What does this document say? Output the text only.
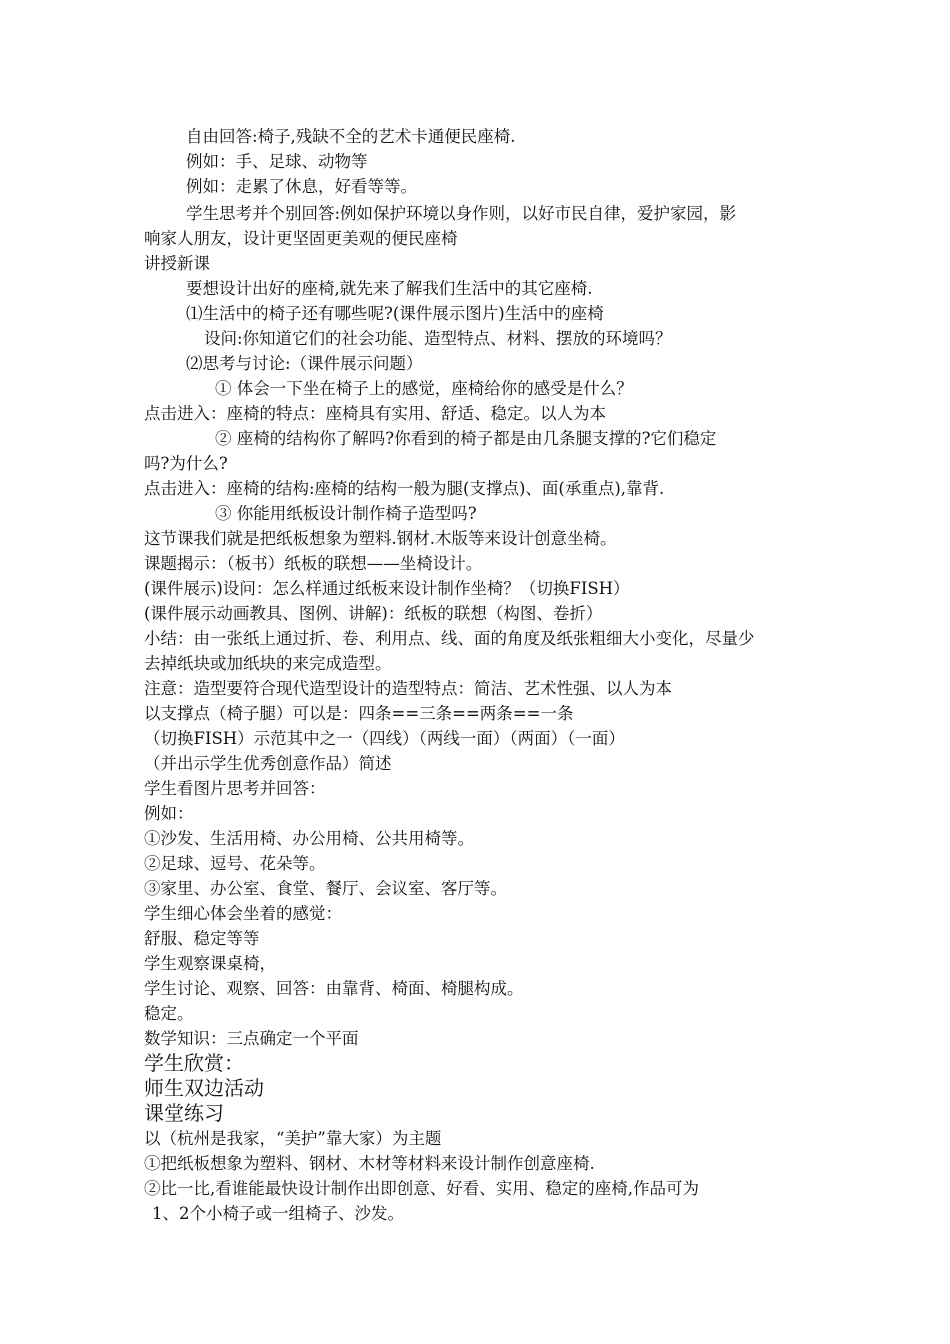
自由回答:椅子,残缺不全的艺术卡通便民座椅.
例如：手、足球、动物等
例如：走累了休息，好看等等。
学生思考并个别回答:例如保护环境以身作则，以好市民自律，爱护家园，影
响家人朋友，设计更坚固更美观的便民座椅
讲授新课
要想设计出好的座椅,就先来了解我们生活中的其它座椅.
⑴生活中的椅子还有哪些呢?(课件展示图片)生活中的座椅
设问:你知道它们的社会功能、造型特点、材料、摆放的环境吗？
⑵思考与讨论:（课件展示问题）
① 体会一下坐在椅子上的感觉，座椅给你的感受是什么？
点击进入：座椅的特点：座椅具有实用、舒适、稳定。以人为本
② 座椅的结构你了解吗?你看到的椅子都是由几条腿支撑的?它们稳定
吗?为什么?
点击进入：座椅的结构:座椅的结构一般为腿(支撑点)、面(承重点),靠背.
③ 你能用纸板设计制作椅子造型吗?
这节课我们就是把纸板想象为塑料.钢材.木版等来设计创意坐椅。
课题揭示：（板书）纸板的联想——坐椅设计。
(课件展示)设问：怎么样通过纸板来设计制作坐椅？（切换FISH）
(课件展示动画教具、图例、讲解)：纸板的联想（构图、卷折）
小结：由一张纸上通过折、卷、利用点、线、面的角度及纸张粗细大小变化，尽量少
去掉纸块或加纸块的来完成造型。
注意：造型要符合现代造型设计的造型特点：简洁、艺术性强、以人为本
以支撑点（椅子腿）可以是：四条==三条==两条==一条
（切换FISH）示范其中之一（四线）（两线一面）（两面）（一面）
（并出示学生优秀创意作品）简述
学生看图片思考并回答：
例如：
①沙发、生活用椅、办公用椅、公共用椅等。
②足球、逗号、花朵等。
③家里、办公室、食堂、餐厅、会议室、客厅等。
学生细心体会坐着的感觉：
舒服、稳定等等
学生观察课桌椅，
学生讨论、观察、回答：由靠背、椅面、椅腿构成。
稳定。
数学知识：三点确定一个平面
学生欣赏：
师生双边活动
课堂练习
以（杭州是我家，“美护”靠大家）为主题
①把纸板想象为塑料、钢材、木材等材料来设计制作创意座椅.
②比一比,看谁能最快设计制作出即创意、好看、实用、稳定的座椅,作品可为
1、2个小椅子或一组椅子、沙发。
